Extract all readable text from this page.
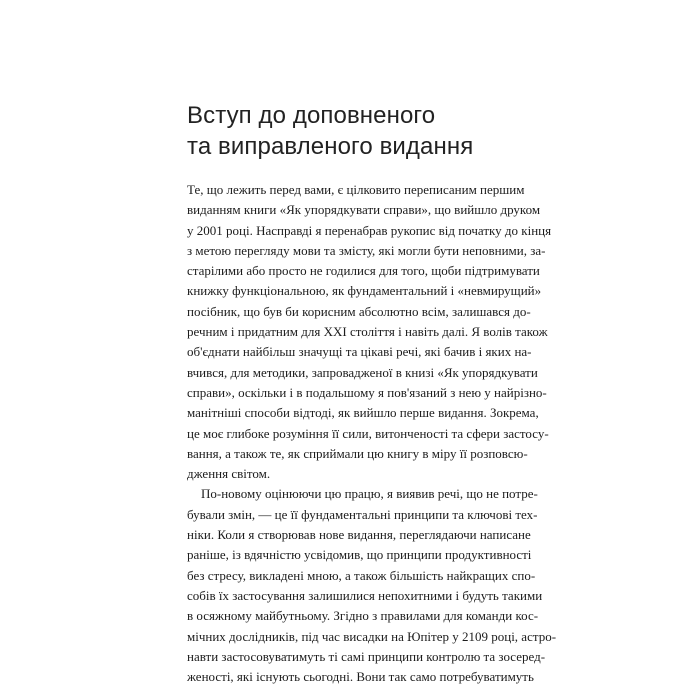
Вступ до доповненого
та виправленого видання
Те, що лежить перед вами, є цілковито переписаним першим
виданням книги «Як упорядкувати справи», що вийшло друком
у 2001 році. Насправді я перенабрав рукопис від початку до кінця
з метою перегляду мови та змісту, які могли бути неповними, за-
старілими або просто не годилися для того, щоби підтримувати
книжку функціональною, як фундаментальний і «невмирущий»
посібник, що був би корисним абсолютно всім, залишався до-
речним і придатним для XXI століття і навіть далі. Я волів також
об'єднати найбільш значущі та цікаві речі, які бачив і яких на-
вчився, для методики, запровадженої в книзі «Як упорядкувати
справи», оскільки і в подальшому я пов'язаний з нею у найрізно-
манітніші способи відтоді, як вийшло перше видання. Зокрема,
це моє глибоке розуміння її сили, витонченості та сфери застосу-
вання, а також те, як сприймали цю книгу в міру її розповсю-
дження світом.
По-новому оцінюючи цю працю, я виявив речі, що не потре-
бували змін, — це її фундаментальні принципи та ключові тех-
ніки. Коли я створював нове видання, переглядаючи написане
раніше, із вдячністю усвідомив, що принципи продуктивності
без стресу, викладені мною, а також більшість найкращих спо-
собів їх застосування залишилися непохитними і будуть такими
в осяжному майбутньому. Згідно з правилами для команди кос-
мічних дослідників, під час висадки на Юпітер у 2109 році, астро-
навти застосовуватимуть ті самі принципи контролю та зосеред-
женості, які існують сьогодні. Вони так само потребуватимуть
